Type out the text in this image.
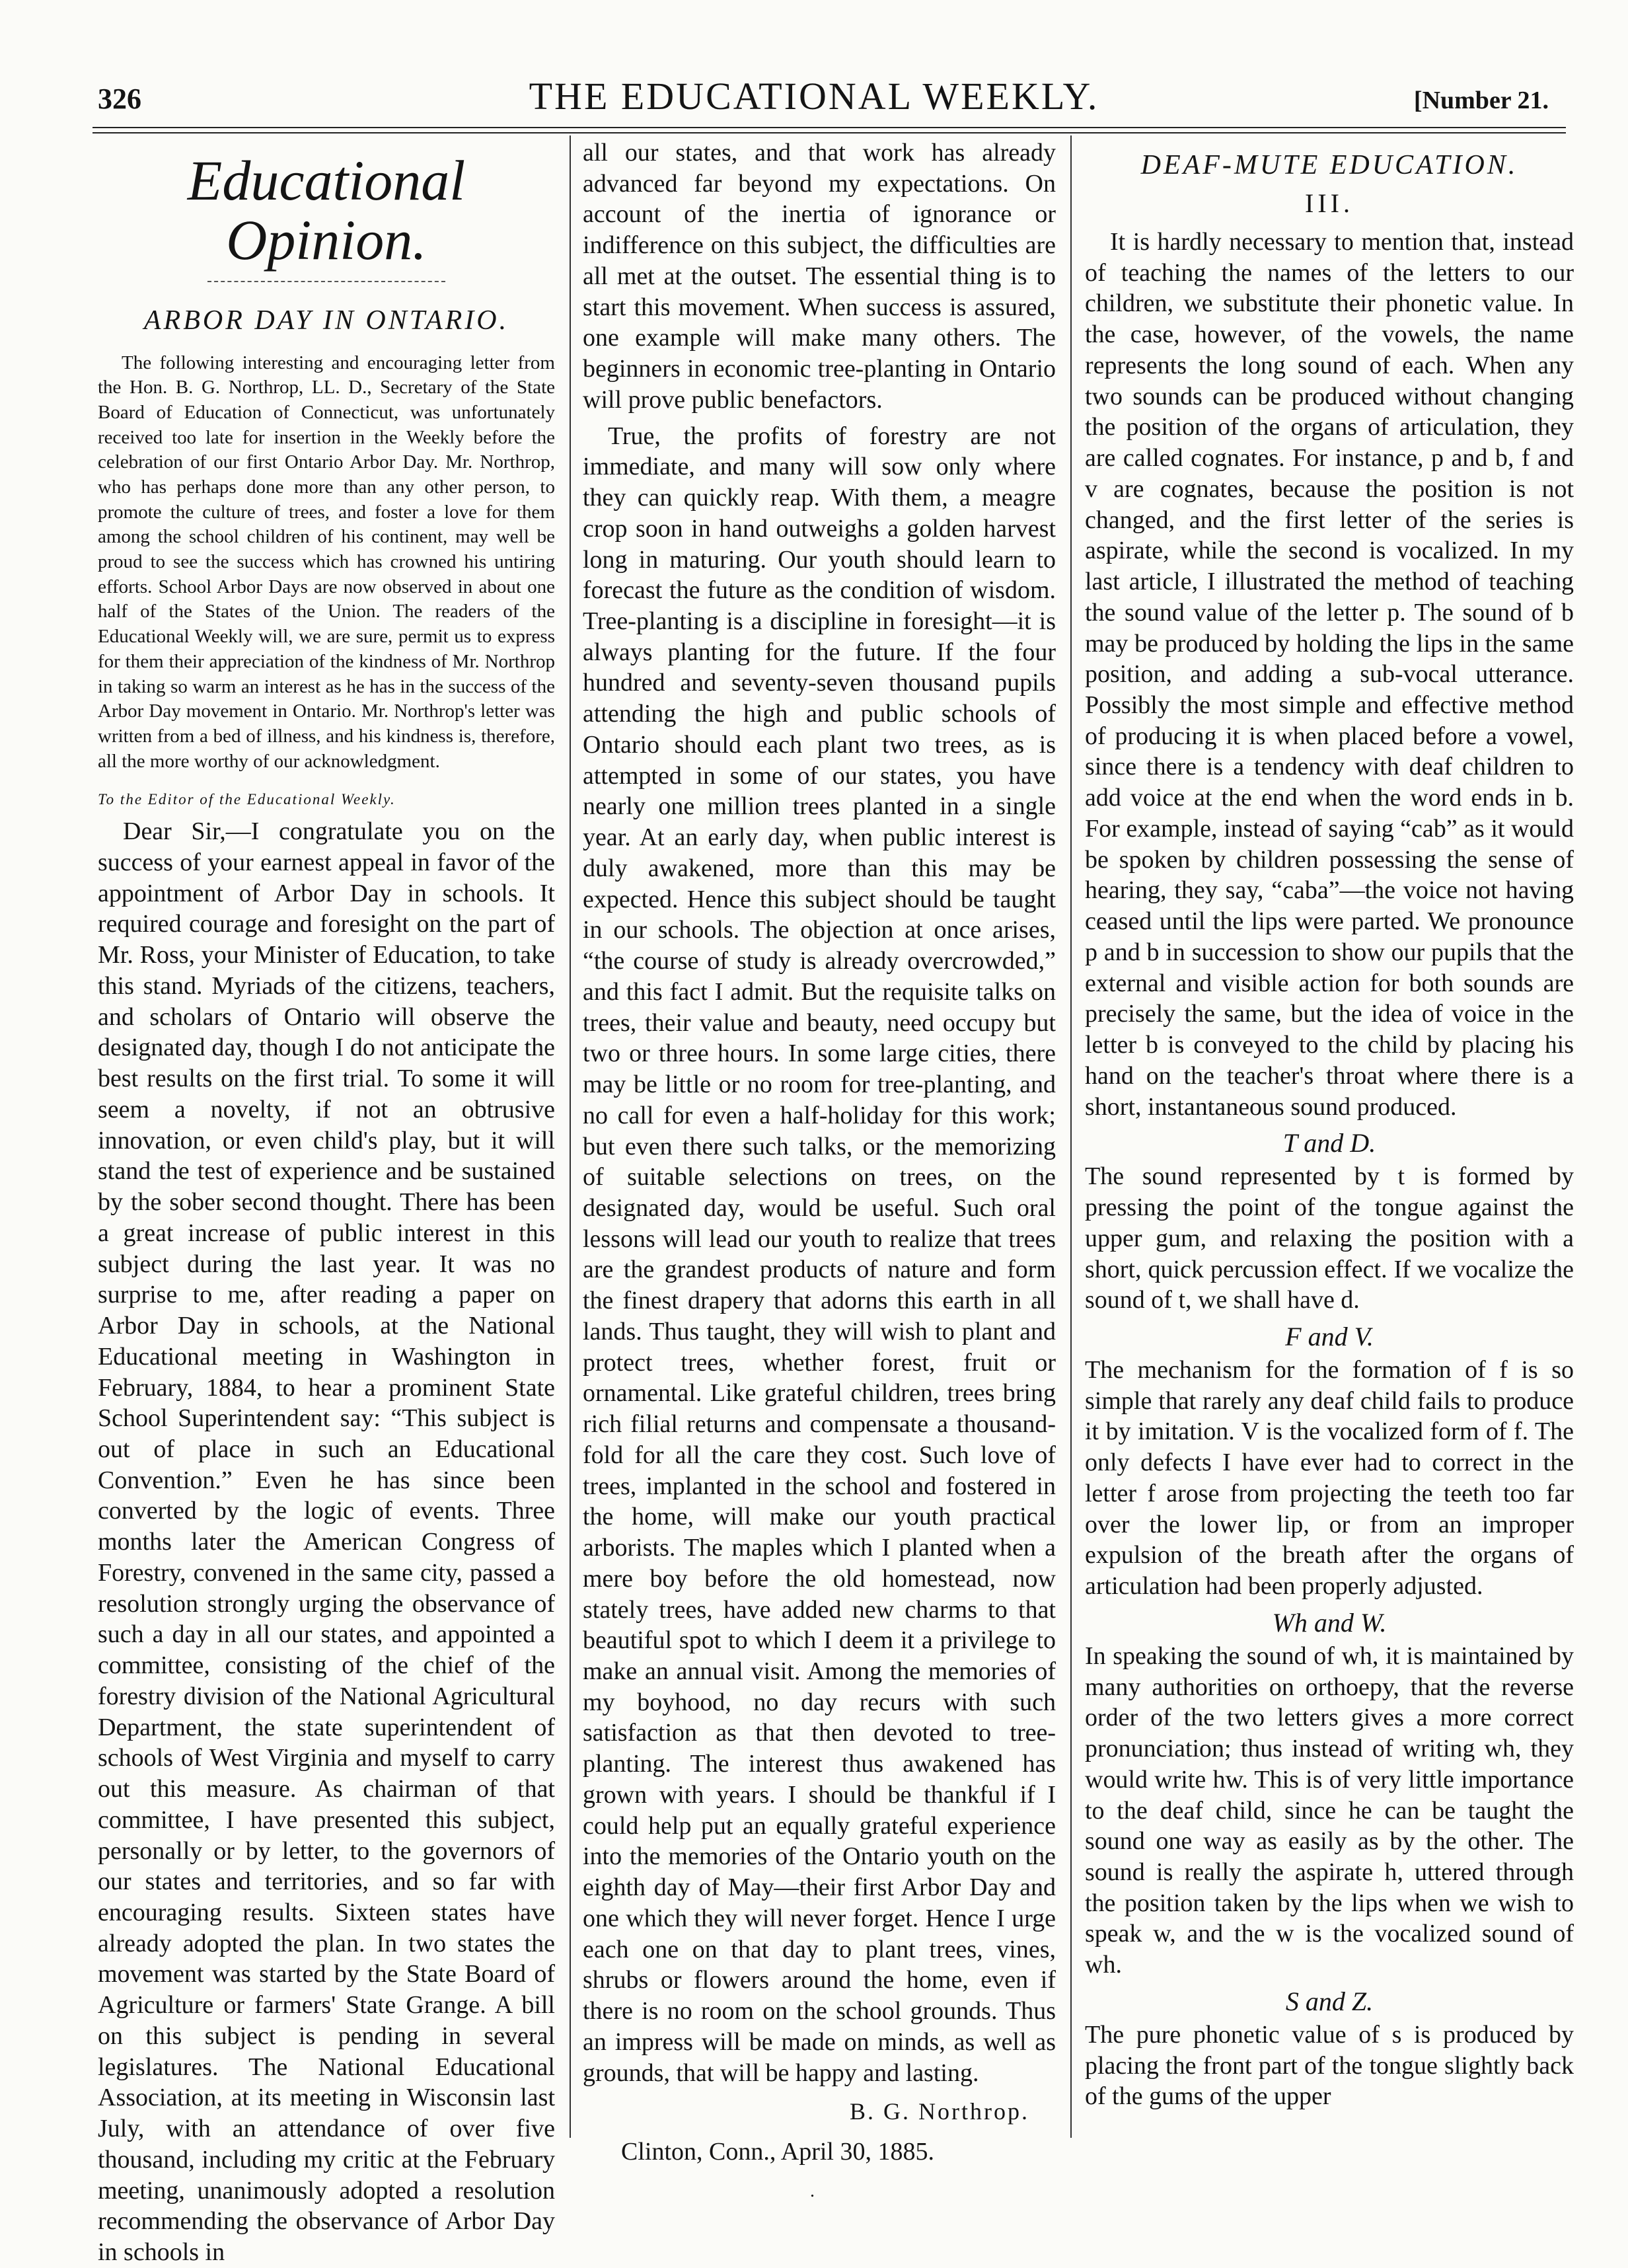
326	THE EDUCATIONAL WEEKLY.	[Number 21.
Educational Opinion.
ARBOR DAY IN ONTARIO.

The following interesting and encouraging letter from the Hon. B. G. Northrop, LL. D., Secretary of the State Board of Education of Connecticut, was unfortunately received too late for insertion in the Weekly before the celebration of our first Ontario Arbor Day. Mr. Northrop, who has perhaps done more than any other person, to promote the culture of trees, and foster a love for them among the school children of his continent, may well be proud to see the success which has crowned his untiring efforts. School Arbor Days are now observed in about one half of the States of the Union. The readers of the Educational Weekly will, we are sure, permit us to express for them their appreciation of the kindness of Mr. Northrop in taking so warm an interest as he has in the success of the Arbor Day movement in Ontario. Mr. Northrop's letter was written from a bed of illness, and his kindness is, therefore, all the more worthy of our acknowledgment.

To the Editor of the Educational Weekly.

Dear Sir,—I congratulate you on the success of your earnest appeal in favor of the appointment of Arbor Day in schools. It required courage and foresight on the part of Mr. Ross, your Minister of Education, to take this stand. Myriads of the citizens, teachers, and scholars of Ontario will observe the designated day, though I do not anticipate the best results on the first trial. To some it will seem a novelty, if not an obtrusive innovation, or even child's play, but it will stand the test of experience and be sustained by the sober second thought. There has been a great increase of public interest in this subject during the last year. It was no surprise to me, after reading a paper on Arbor Day in schools, at the National Educational meeting in Washington in February, 1884, to hear a prominent State School Superintendent say: “This subject is out of place in such an Educational Convention.” Even he has since been converted by the logic of events. Three months later the American Congress of Forestry, convened in the same city, passed a resolution strongly urging the observance of such a day in all our states, and appointed a committee, consisting of the chief of the forestry division of the National Agricultural Department, the state superintendent of schools of West Virginia and myself to carry out this measure. As chairman of that committee, I have presented this subject, personally or by letter, to the governors of our states and territories, and so far with encouraging results. Sixteen states have already adopted the plan. In two states the movement was started by the State Board of Agriculture or farmers' State Grange. A bill on this subject is pending in several legislatures. The National Educational Association, at its meeting in Wisconsin last July, with an attendance of over five thousand, including my critic at the February meeting, unanimously adopted a resolution recommending the observance of Arbor Day in schools in

all our states, and that work has already advanced far beyond my expectations. On account of the inertia of ignorance or indifference on this subject, the difficulties are all met at the outset. The essential thing is to start this movement. When success is assured, one example will make many others. The beginners in economic tree-planting in Ontario will prove public benefactors.

True, the profits of forestry are not immediate, and many will sow only where they can quickly reap. With them, a meagre crop soon in hand outweighs a golden harvest long in maturing. Our youth should learn to forecast the future as the condition of wisdom. Tree-planting is a discipline in foresight—it is always planting for the future. If the four hundred and seventy-seven thousand pupils attending the high and public schools of Ontario should each plant two trees, as is attempted in some of our states, you have nearly one million trees planted in a single year. At an early day, when public interest is duly awakened, more than this may be expected. Hence this subject should be taught in our schools. The objection at once arises, “the course of study is already overcrowded,” and this fact I admit. But the requisite talks on trees, their value and beauty, need occupy but two or three hours. In some large cities, there may be little or no room for tree-planting, and no call for even a half-holiday for this work; but even there such talks, or the memorizing of suitable selections on trees, on the designated day, would be useful. Such oral lessons will lead our youth to realize that trees are the grandest products of nature and form the finest drapery that adorns this earth in all lands. Thus taught, they will wish to plant and protect trees, whether forest, fruit or ornamental. Like grateful children, trees bring rich filial returns and compensate a thousand-fold for all the care they cost. Such love of trees, implanted in the school and fostered in the home, will make our youth practical arborists. The maples which I planted when a mere boy before the old homestead, now stately trees, have added new charms to that beautiful spot to which I deem it a privilege to make an annual visit. Among the memories of my boyhood, no day recurs with such satisfaction as that then devoted to tree-planting. The interest thus awakened has grown with years. I should be thankful if I could help put an equally grateful experience into the memories of the Ontario youth on the eighth day of May—their first Arbor Day and one which they will never forget. Hence I urge each one on that day to plant trees, vines, shrubs or flowers around the home, even if there is no room on the school grounds. Thus an impress will be made on minds, as well as grounds, that will be happy and lasting.

B. G. Northrop.
Clinton, Conn., April 30, 1885.
DEAF-MUTE EDUCATION.
III.

It is hardly necessary to mention that, instead of teaching the names of the letters to our children, we substitute their phonetic value. In the case, however, of the vowels, the name represents the long sound of each. When any two sounds can be produced without changing the position of the organs of articulation, they are called cognates. For instance, p and b, f and v are cognates, because the position is not changed, and the first letter of the series is aspirate, while the second is vocalized. In my last article, I illustrated the method of teaching the sound value of the letter p. The sound of b may be produced by holding the lips in the same position, and adding a sub-vocal utterance. Possibly the most simple and effective method of producing it is when placed before a vowel, since there is a tendency with deaf children to add voice at the end when the word ends in b. For example, instead of saying “cab” as it would be spoken by children possessing the sense of hearing, they say, “caba”—the voice not having ceased until the lips were parted. We pronounce p and b in succession to show our pupils that the external and visible action for both sounds are precisely the same, but the idea of voice in the letter b is conveyed to the child by placing his hand on the teacher's throat where there is a short, instantaneous sound produced.

T and D.

The sound represented by t is formed by pressing the point of the tongue against the upper gum, and relaxing the position with a short, quick percussion effect. If we vocalize the sound of t, we shall have d.

F and V.

The mechanism for the formation of f is so simple that rarely any deaf child fails to produce it by imitation. V is the vocalized form of f. The only defects I have ever had to correct in the letter f arose from projecting the teeth too far over the lower lip, or from an improper expulsion of the breath after the organs of articulation had been properly adjusted.

Wh and W.

In speaking the sound of wh, it is maintained by many authorities on orthoepy, that the reverse order of the two letters gives a more correct pronunciation; thus instead of writing wh, they would write hw. This is of very little importance to the deaf child, since he can be taught the sound one way as easily as by the other. The sound is really the aspirate h, uttered through the position taken by the lips when we wish to speak w, and the w is the vocalized sound of wh.

S and Z.

The pure phonetic value of s is produced by placing the front part of the tongue slightly back of the gums of the upper

.
